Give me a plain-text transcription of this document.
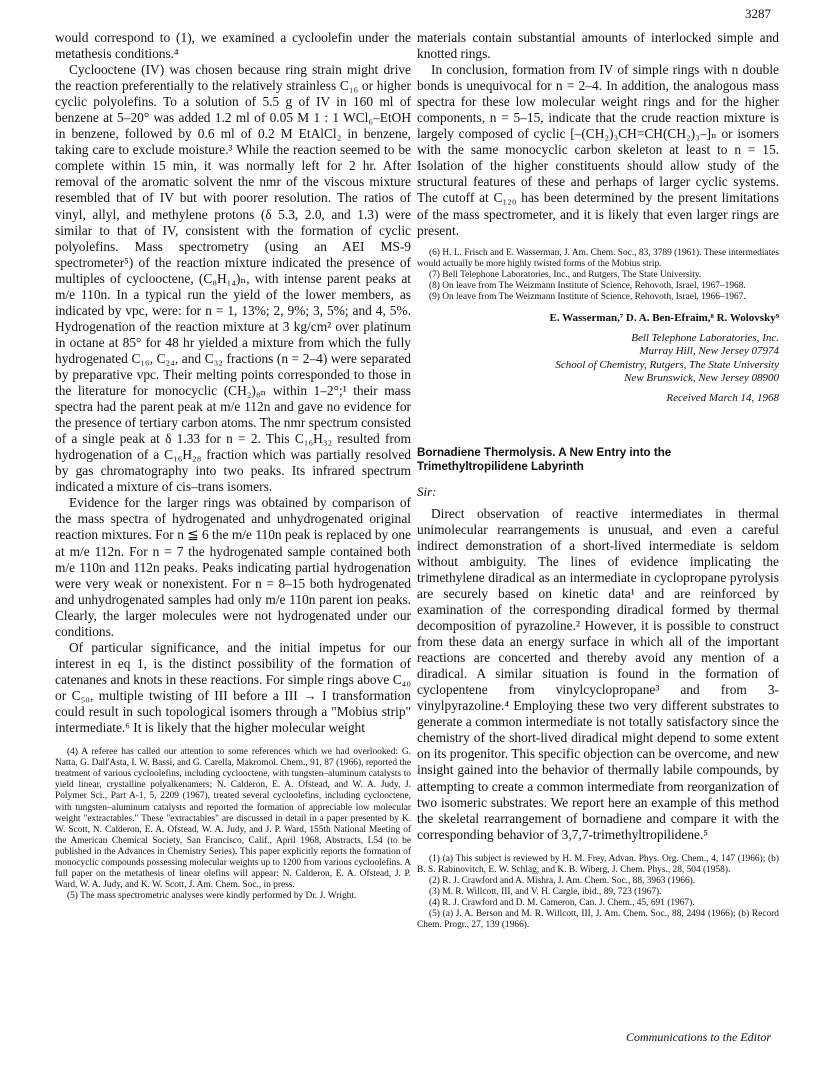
3287

would correspond to (1), we examined a cycloolefin under the metathesis conditions.⁴

Cyclooctene (IV) was chosen because ring strain might drive the reaction preferentially to the relatively strainless C₁₆ or higher cyclic polyolefins. To a solution of 5.5 g of IV in 160 ml of benzene at 5–20° was added 1.2 ml of 0.05 M 1 : 1 WCl₆–EtOH in benzene, followed by 0.6 ml of 0.2 M EtAlCl₂ in benzene, taking care to exclude moisture.³ While the reaction seemed to be complete within 15 min, it was normally left for 2 hr. After removal of the aromatic solvent the nmr of the viscous mixture resembled that of IV but with poorer resolution. The ratios of vinyl, allyl, and methylene protons (δ 5.3, 2.0, and 1.3) were similar to that of IV, consistent with the formation of cyclic polyolefins. Mass spectrometry (using an AEI MS-9 spectrometer⁵) of the reaction mixture indicated the presence of multiples of cyclooctene, (C₈H₁₄)ₙ, with intense parent peaks at m/e 110n. In a typical run the yield of the lower members, as indicated by vpc, were: for n = 1, 13%; 2, 9%; 3, 5%; and 4, 5%. Hydrogenation of the reaction mixture at 3 kg/cm² over platinum in octane at 85° for 48 hr yielded a mixture from which the fully hydrogenated C₁₆, C₂₄, and C₃₂ fractions (n = 2–4) were separated by preparative vpc. Their melting points corresponded to those in the literature for monocyclic (CH₂)₈ₙ within 1–2°;¹ their mass spectra had the parent peak at m/e 112n and gave no evidence for the presence of tertiary carbon atoms. The nmr spectrum consisted of a single peak at δ 1.33 for n = 2. This C₁₆H₃₂ resulted from hydrogenation of a C₁₆H₂₈ fraction which was partially resolved by gas chromatography into two peaks. Its infrared spectrum indicated a mixture of cis–trans isomers.

Evidence for the larger rings was obtained by comparison of the mass spectra of hydrogenated and unhydrogenated original reaction mixtures. For n ≦ 6 the m/e 110n peak is replaced by one at m/e 112n. For n = 7 the hydrogenated sample contained both m/e 110n and 112n peaks. Peaks indicating partial hydrogenation were very weak or nonexistent. For n = 8–15 both hydrogenated and unhydrogenated samples had only m/e 110n parent ion peaks. Clearly, the larger molecules were not hydrogenated under our conditions.

Of particular significance, and the initial impetus for our interest in eq 1, is the distinct possibility of the formation of catenanes and knots in these reactions. For simple rings above C₄₀ or C₅₀, multiple twisting of III before a III → I transformation could result in such topological isomers through a "Mobius strip" intermediate.⁶ It is likely that the higher molecular weight

(4) A referee has called our attention to some references which we had overlooked: G. Natta, G. Dall'Asta, I. W. Bassi, and G. Carella, Makromol. Chem., 91, 87 (1966), reported the treatment of various cycloolefins, including cyclooctene, with tungsten–aluminum catalysts to yield linear, crystalline polyalkenamers; N. Calderon, E. A. Ofstead, and W. A. Judy, J. Polymer Sci., Part A-1, 5, 2209 (1967), treated several cycloolefins, including cyclooctene, with tungsten–aluminum catalysts and reported the formation of appreciable low molecular weight "extractables." These "extractables" are discussed in detail in a paper presented by K. W. Scott, N. Calderon, E. A. Ofstead, W. A. Judy, and J. P. Ward, 155th National Meeting of the American Chemical Society, San Francisco, Calif., April 1968, Abstracts, L54 (to be published in the Advances in Chemistry Series). This paper explicitly reports the formation of monocyclic compounds possessing molecular weights up to 1200 from various cycloolefins. A full paper on the metathesis of linear olefins will appear: N. Calderon, E. A. Ofstead, J. P. Ward, W. A. Judy, and K. W. Scott, J. Am. Chem. Soc., in press.

(5) The mass spectrometric analyses were kindly performed by Dr. J. Wright.

materials contain substantial amounts of interlocked simple and knotted rings.

In conclusion, formation from IV of simple rings with n double bonds is unequivocal for n = 2–4. In addition, the analogous mass spectra for these low molecular weight rings and for the higher components, n = 5–15, indicate that the crude reaction mixture is largely composed of cyclic [–(CH₂)₃CH=CH(CH₂)₃–]ₙ or isomers with the same monocyclic carbon skeleton at least to n = 15. Isolation of the higher constituents should allow study of the structural features of these and perhaps of larger cyclic systems. The cutoff at C₁₂₀ has been determined by the present limitations of the mass spectrometer, and it is likely that even larger rings are present.

(6) H. L. Frisch and E. Wasserman, J. Am. Chem. Soc., 83, 3789 (1961). These intermediates would actually be more highly twisted forms of the Mobius strip.

(7) Bell Telephone Laboratories, Inc., and Rutgers, The State University.

(8) On leave from The Weizmann Institute of Science, Rehovoth, Israel, 1967–1968.

(9) On leave from The Weizmann Institute of Science, Rehovoth, Israel, 1966–1967.

E. Wasserman,⁷ D. A. Ben-Efraim,⁸ R. Wolovsky⁹
Bell Telephone Laboratories, Inc.
Murray Hill, New Jersey 07974
School of Chemistry, Rutgers, The State University
New Brunswick, New Jersey 08900
Received March 14, 1968
Bornadiene Thermolysis. A New Entry into the Trimethyltropilidene Labyrinth
Sir:

Direct observation of reactive intermediates in thermal unimolecular rearrangements is unusual, and even a careful indirect demonstration of a short-lived intermediate is seldom without ambiguity. The lines of evidence implicating the trimethylene diradical as an intermediate in cyclopropane pyrolysis are securely based on kinetic data¹ and are reinforced by examination of the corresponding diradical formed by thermal decomposition of pyrazoline.² However, it is possible to construct from these data an energy surface in which all of the important reactions are concerted and thereby avoid any mention of a diradical. A similar situation is found in the formation of cyclopentene from vinylcyclopropane³ and from 3-vinylpyrazoline.⁴ Employing these two very different substrates to generate a common intermediate is not totally satisfactory since the chemistry of the short-lived diradical might depend to some extent on its progenitor. This specific objection can be overcome, and new insight gained into the behavior of thermally labile compounds, by attempting to create a common intermediate from reorganization of two isomeric substrates. We report here an example of this method the skeletal rearrangement of bornadiene and compare it with the corresponding behavior of 3,7,7-trimethyltropilidene.⁵

(1) (a) This subject is reviewed by H. M. Frey, Advan. Phys. Org. Chem., 4, 147 (1966); (b) B. S. Rabinovitch, E. W. Schlag, and K. B. Wiberg, J. Chem. Phys., 28, 504 (1958).

(2) R. J. Crawford and A. Mishra, J. Am. Chem. Soc., 88, 3963 (1966).

(3) M. R. Willcott, III, and V. H. Cargle, ibid., 89, 723 (1967).

(4) R. J. Crawford and D. M. Cameron, Can. J. Chem., 45, 691 (1967).

(5) (a) J. A. Berson and M. R. Willcott, III, J. Am. Chem. Soc., 88, 2494 (1966); (b) Record Chem. Progr., 27, 139 (1966).

Communications to the Editor
